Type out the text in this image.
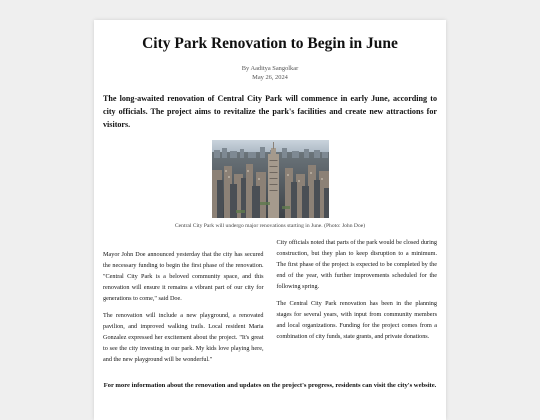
City Park Renovation to Begin in June
By Aaditya Sangolkar
May 26, 2024
The long-awaited renovation of Central City Park will commence in early June, according to city officials. The project aims to revitalize the park's facilities and create new attractions for visitors.
Central City Park will undergo major renovations starting in June. (Photo: John Doe)

Mayor John Doe announced yesterday that the city has secured the necessary funding to begin the first phase of the renovation. "Central City Park is a beloved community space, and this renovation will ensure it remains a vibrant part of our city for generations to come," said Doe.

The renovation will include a new playground, a renovated pavilion, and improved walking trails. Local resident Maria Gonzalez expressed her excitement about the project. "It's great to see the city investing in our park. My kids love playing here, and the new playground will be wonderful."

City officials noted that parts of the park would be closed during construction, but they plan to keep disruption to a minimum. The first phase of the project is expected to be completed by the end of the year, with further improvements scheduled for the following spring.

The Central City Park renovation has been in the planning stages for several years, with input from community members and local organizations. Funding for the project comes from a combination of city funds, state grants, and private donations.

For more information about the renovation and updates on the project's progress, residents can visit the city's website.
